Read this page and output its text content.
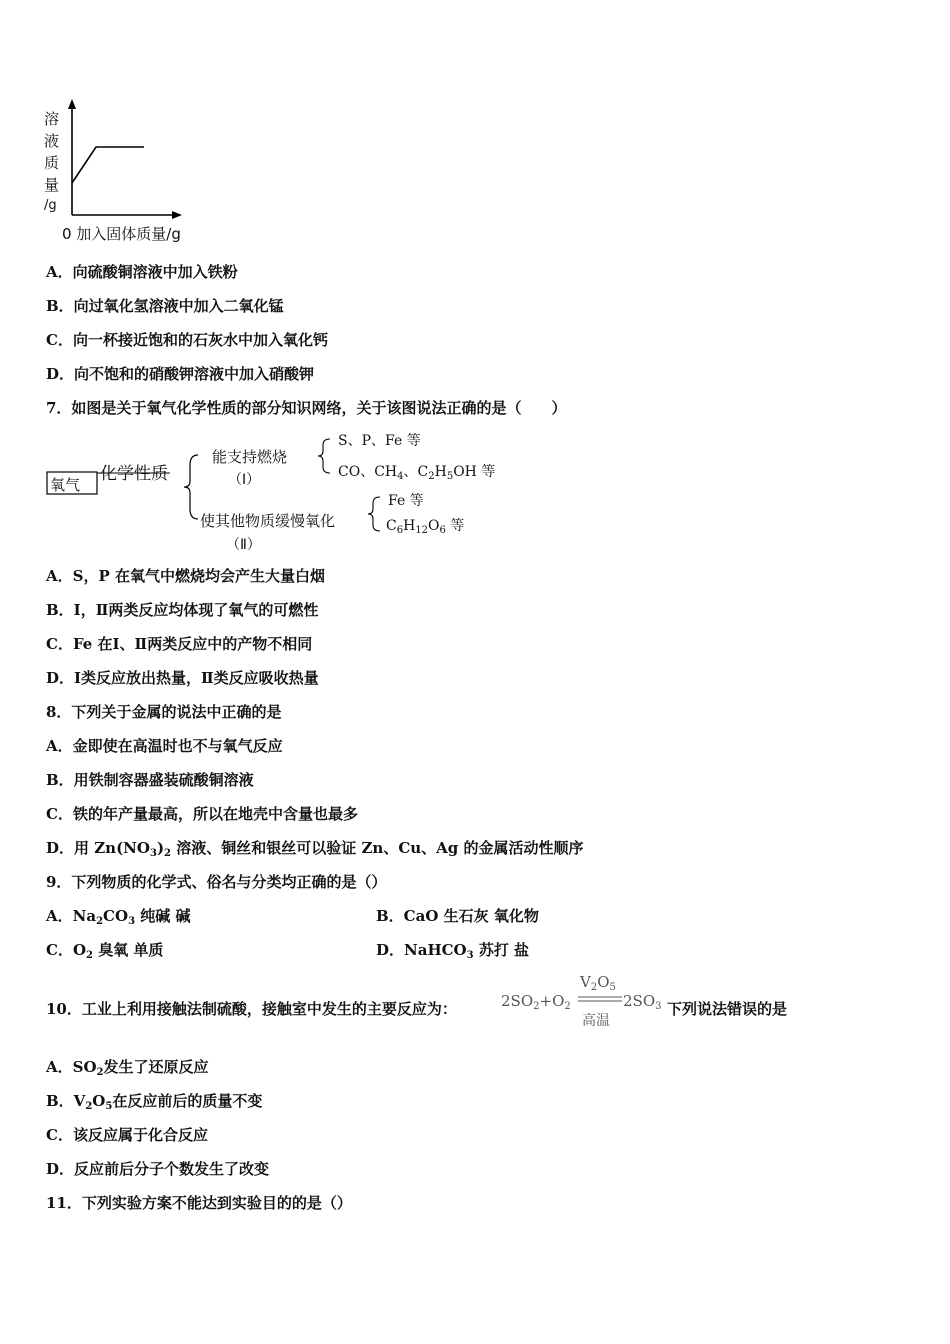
溶
液
质
量
/g
0 加入固体质量/g
A．向硫酸铜溶液中加入铁粉
B．向过氧化氢溶液中加入二氧化锰
C．向一杯接近饱和的石灰水中加入氧化钙
D．向不饱和的硝酸钾溶液中加入硝酸钾
7．如图是关于氧气化学性质的部分知识网络，关于该图说法正确的是（　　）
氧气
化学性质
能支持燃烧
（Ⅰ）
S、P、Fe 等
CO、$CH_4$、$C_2H_5OH$ 等
使其他物质缓慢氧化
（Ⅱ）
Fe 等
$C_6H_{12}O_6$ 等
A．S，P 在氧气中燃烧均会产生大量白烟
B．Ⅰ，Ⅱ两类反应均体现了氧气的可燃性
C．Fe 在Ⅰ、Ⅱ两类反应中的产物不相同
D．Ⅰ类反应放出热量，Ⅱ类反应吸收热量
8．下列关于金属的说法中正确的是
A．金即使在高温时也不与氧气反应
B．用铁制容器盛装硫酸铜溶液
C．铁的年产量最高，所以在地壳中含量也最多
D．用 $Zn(NO_3)_2$ 溶液、铜丝和银丝可以验证 Zn、Cu、Ag 的金属活动性顺序
9．下列物质的化学式、俗名与分类均正确的是（）
A．$Na_2CO_3$ 纯碱 碱	B．CaO 生石灰 氧化物
C．$O_2$ 臭氧 单质	D．NaHCO$_3$ 苏打 盐
10．工业上利用接触法制硫酸，接触室中发生的主要反应为：	$2SO_2+O_2$
$V_2O_5$
高温
$2SO_3$ 下列说法错误的是
A．$SO_2$发生了还原反应
B．$V_2O_5$在反应前后的质量不变
C．该反应属于化合反应
D．反应前后分子个数发生了改变
11．下列实验方案不能达到实验目的的是（）
